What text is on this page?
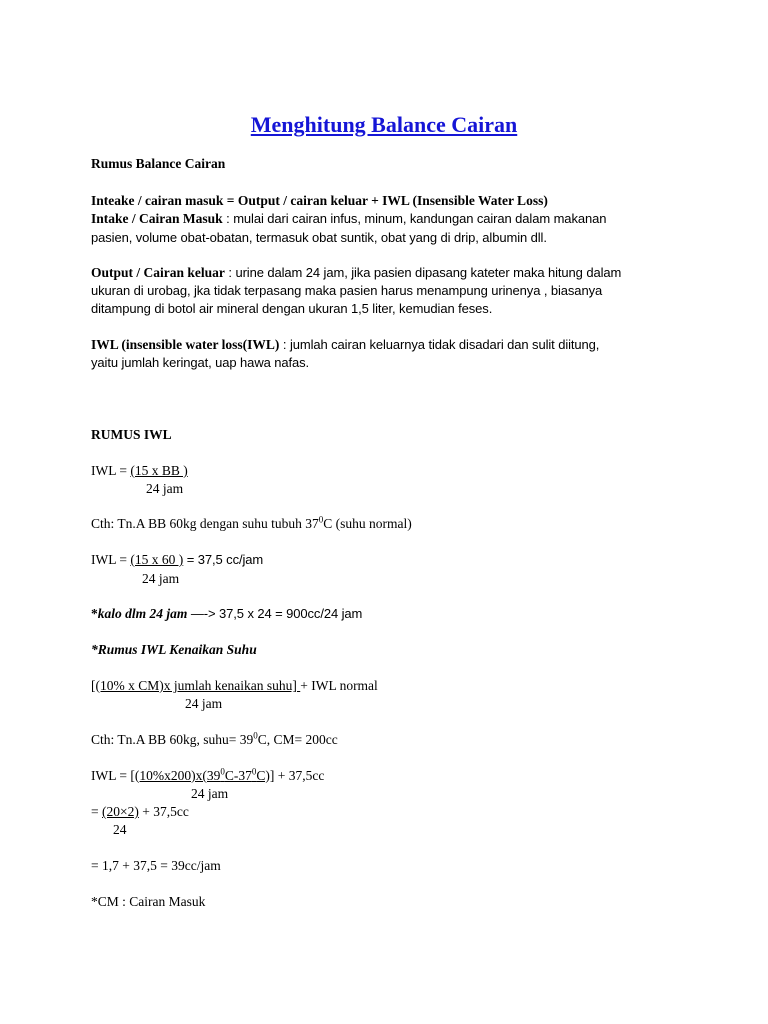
Menghitung Balance Cairan
Rumus Balance Cairan
Inteake / cairan masuk = Output / cairan keluar + IWL (Insensible Water Loss)
Intake / Cairan Masuk : mulai dari cairan infus, minum, kandungan cairan dalam makanan
pasien, volume obat-obatan, termasuk obat suntik, obat yang di drip, albumin dll.
Output / Cairan keluar : urine dalam 24 jam, jika pasien dipasang kateter maka hitung dalam
ukuran di urobag, jka tidak terpasang maka pasien harus menampung urinenya , biasanya
ditampung di botol air mineral dengan ukuran 1,5 liter, kemudian feses.
IWL (insensible water loss(IWL) : jumlah cairan keluarnya tidak disadari dan sulit diitung,
yaitu jumlah keringat, uap hawa nafas.
RUMUS IWL
IWL = (15 x BB )
24 jam
Cth: Tn.A BB 60kg dengan suhu tubuh $37^0C$ (suhu normal)
IWL = (15 x 60 ) = 37,5 cc/jam
24 jam
*kalo dlm 24 jam —-> 37,5 x 24 = 900cc/24 jam
*Rumus IWL Kenaikan Suhu
[(10% x CM)x jumlah kenaikan suhu] + IWL normal
24 jam
Cth: Tn.A BB 60kg, suhu= $39^0C$, CM= 200cc
IWL = $[(10\%x200)x(39^0C-37^0C)] + 37,5cc$
24 jam
= (20×2) + 37,5cc
24
= 1,7 + 37,5 = 39cc/jam
*CM : Cairan Masuk
